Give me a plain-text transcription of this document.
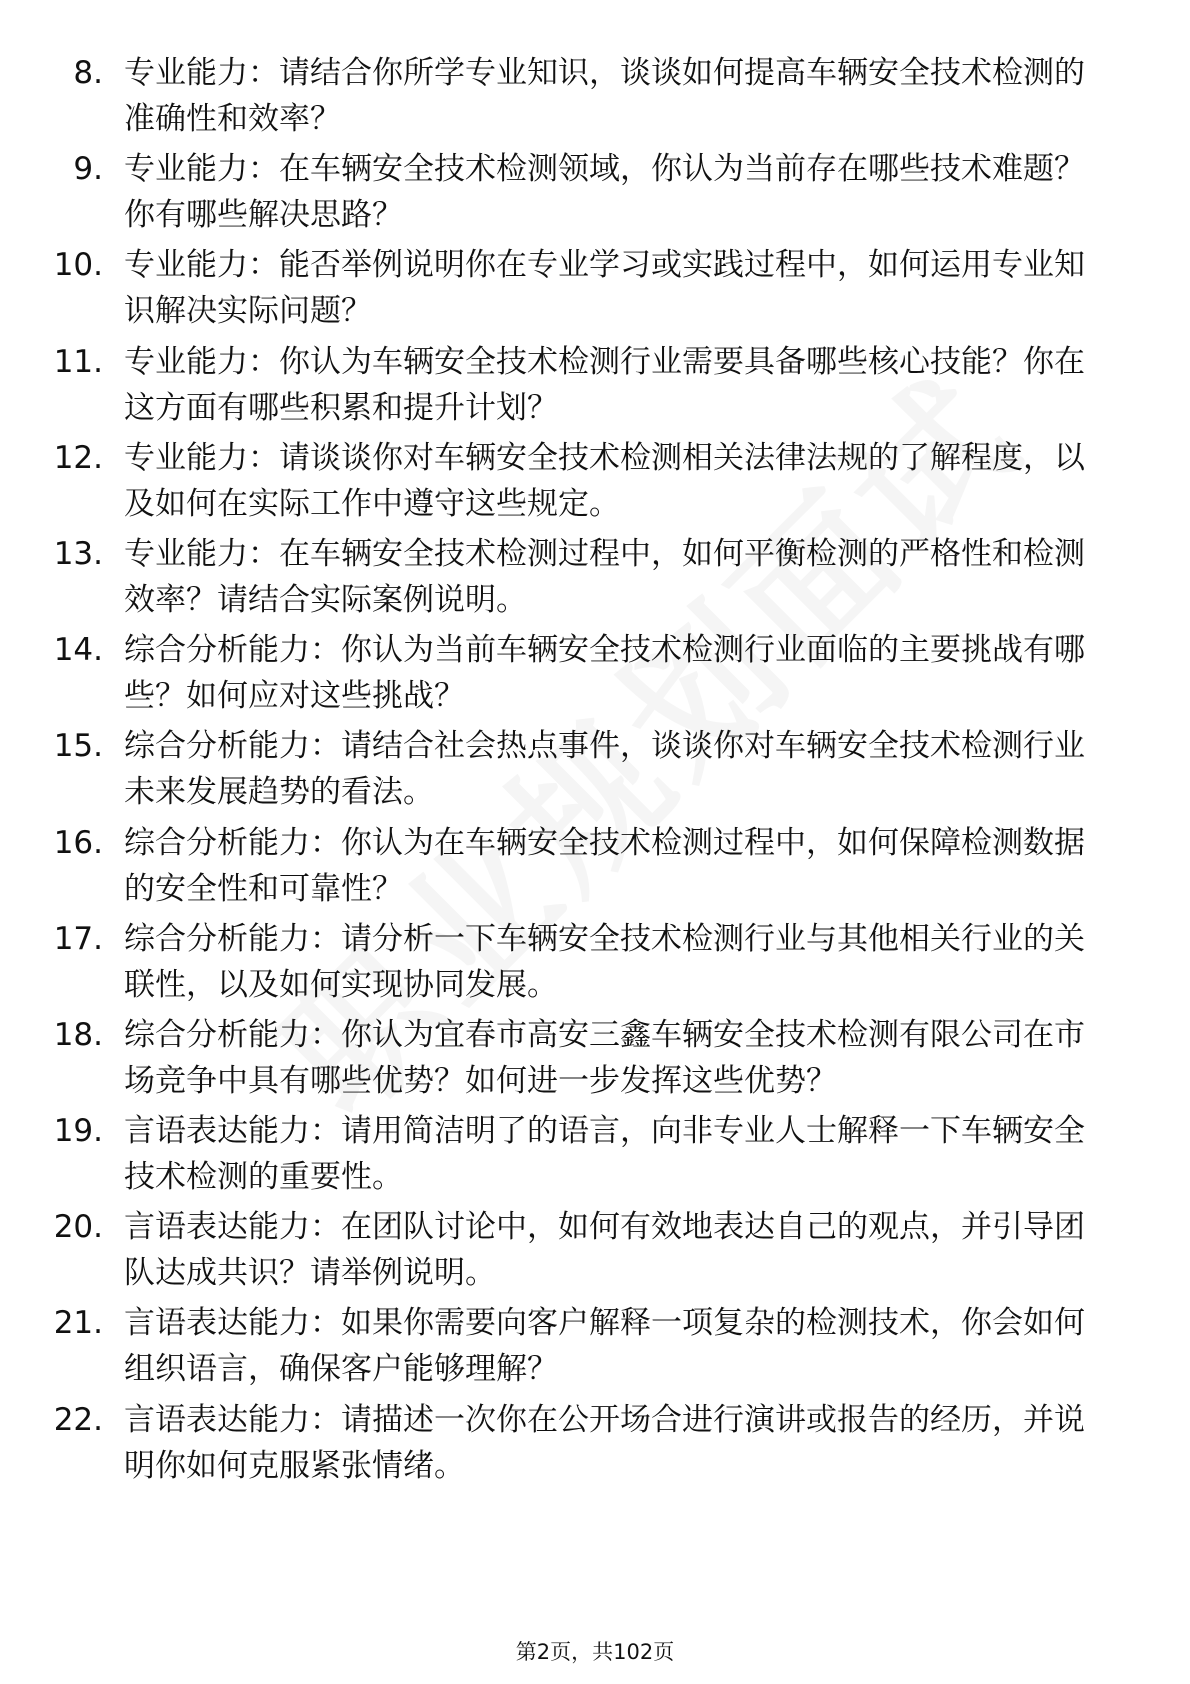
8. 专业能力：请结合你所学专业知识，谈谈如何提高车辆安全技术检测的准确性和效率？
9. 专业能力：在车辆安全技术检测领域，你认为当前存在哪些技术难题？你有哪些解决思路？
10. 专业能力：能否举例说明你在专业学习或实践过程中，如何运用专业知识解决实际问题？
11. 专业能力：你认为车辆安全技术检测行业需要具备哪些核心技能？你在这方面有哪些积累和提升计划？
12. 专业能力：请谈谈你对车辆安全技术检测相关法律法规的了解程度，以及如何在实际工作中遵守这些规定。
13. 专业能力：在车辆安全技术检测过程中，如何平衡检测的严格性和检测效率？请结合实际案例说明。
14. 综合分析能力：你认为当前车辆安全技术检测行业面临的主要挑战有哪些？如何应对这些挑战？
15. 综合分析能力：请结合社会热点事件，谈谈你对车辆安全技术检测行业未来发展趋势的看法。
16. 综合分析能力：你认为在车辆安全技术检测过程中，如何保障检测数据的安全性和可靠性？
17. 综合分析能力：请分析一下车辆安全技术检测行业与其他相关行业的关联性，以及如何实现协同发展。
18. 综合分析能力：你认为宜春市高安三鑫车辆安全技术检测有限公司在市场竞争中具有哪些优势？如何进一步发挥这些优势？
19. 言语表达能力：请用简洁明了的语言，向非专业人士解释一下车辆安全技术检测的重要性。
20. 言语表达能力：在团队讨论中，如何有效地表达自己的观点，并引导团队达成共识？请举例说明。
21. 言语表达能力：如果你需要向客户解释一项复杂的检测技术，你会如何组织语言，确保客户能够理解？
22. 言语表达能力：请描述一次你在公开场合进行演讲或报告的经历，并说明你如何克服紧张情绪。
第2页，共102页
